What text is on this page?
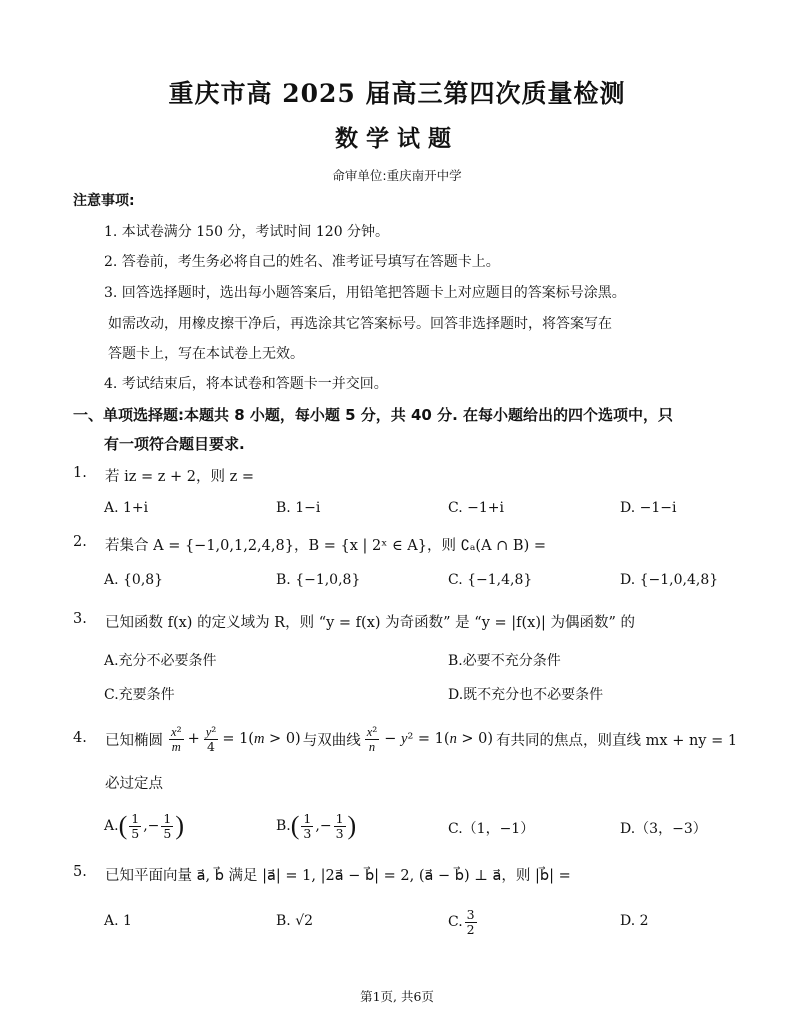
重庆市高 2025 届高三第四次质量检测
数学试题
命审单位:重庆南开中学
注意事项:
1. 本试卷满分 150 分，考试时间 120 分钟。
2. 答卷前，考生务必将自己的姓名、准考证号填写在答题卡上。
3. 回答选择题时，选出每小题答案后，用铅笔把答题卡上对应题目的答案标号涂黑。
如需改动，用橡皮擦干净后，再选涂其它答案标号。回答非选择题时，将答案写在
答题卡上，写在本试卷上无效。
4. 考试结束后，将本试卷和答题卡一并交回。
一、单项选择题:本题共 8 小题，每小题 5 分，共 40 分. 在每小题给出的四个选项中，只
有一项符合题目要求.
1. 若 iz = z + 2，则 z =
A. 1+i	B. 1−i	C. −1+i	D. −1−i
2. 若集合 A = {−1,0,1,2,4,8}，B = {x | 2ˣ ∈ A}，则 ∁ₐ(A ∩ B) =
A. {0,8}	B. {−1,0,8}	C. {−1,4,8}	D. {−1,0,4,8}
3. 已知函数 f(x) 的定义域为 R，则 “y = f(x) 为奇函数” 是 “y = |f(x)| 为偶函数” 的
A.充分不必要条件	B.必要不充分条件
C.充要条件	D.既不充分也不必要条件
4. 已知椭圆 $\frac{\text{x²}}{m} + \frac{\text{y²}}{4} = 1(m > 0)$ 与双曲线 $\frac{\text{x²}}{n} - y^2 = 1(n > 0)$ 有共同的焦点，则直线 mx + ny = 1
必过定点
A. ( $\frac{1}{5}$ ,− $\frac{1}{5}$ )	B. ( $\frac{1}{3}$ ,− $\frac{1}{3}$ )	C.（1，−1）	D.（3，−3）
5. 已知平面向量 a⃗, b⃗ 满足 |a⃗| = 1, |2a⃗ − b⃗| = 2, (a⃗ − b⃗) ⊥ a⃗，则 |b⃗| =
A. 1	B. √2	C. $\frac{3}{2}$	D. 2
第1页, 共6页
